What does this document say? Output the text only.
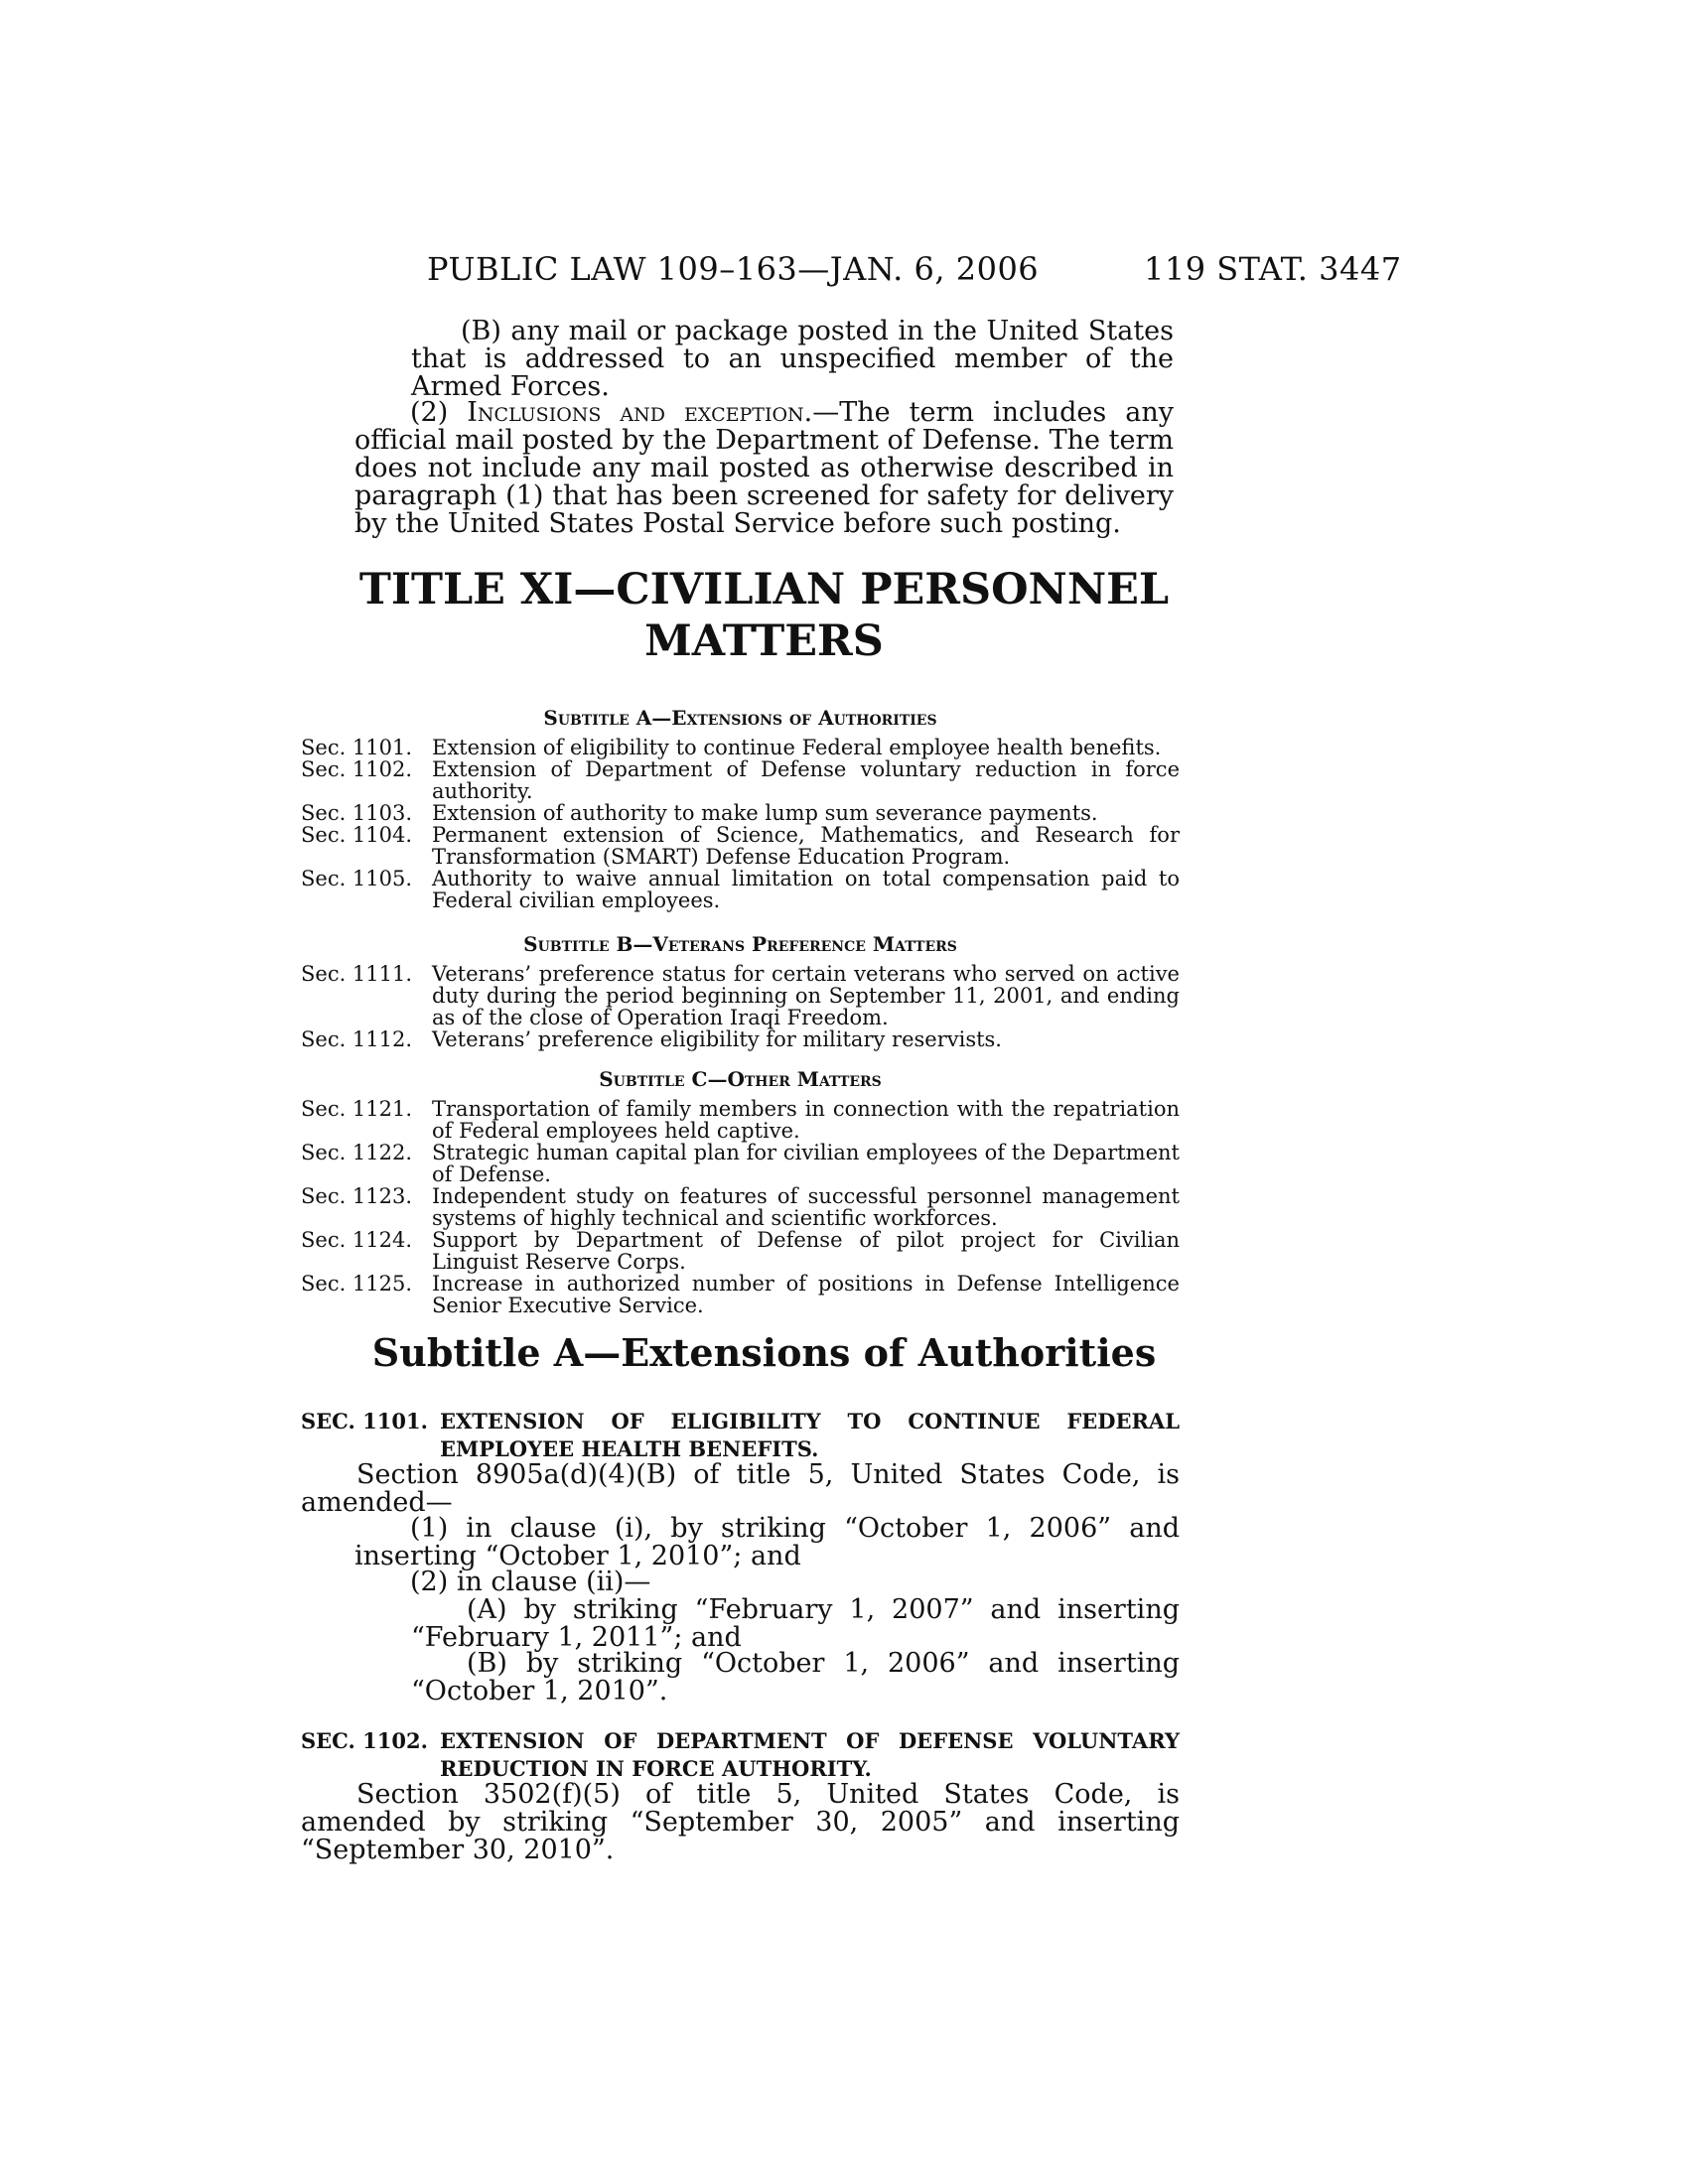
PUBLIC LAW 109–163—JAN. 6, 2006	119 STAT. 3447
(B) any mail or package posted in the United States that is addressed to an unspecified member of the Armed Forces.
(2) Inclusions and exception.—The term includes any official mail posted by the Department of Defense. The term does not include any mail posted as otherwise described in paragraph (1) that has been screened for safety for delivery by the United States Postal Service before such posting.
TITLE XI—CIVILIAN PERSONNEL
MATTERS
Subtitle A—Extensions of Authorities
Sec. 1101. Extension of eligibility to continue Federal employee health benefits.
Sec. 1102. Extension of Department of Defense voluntary reduction in force authority.
Sec. 1103. Extension of authority to make lump sum severance payments.
Sec. 1104. Permanent extension of Science, Mathematics, and Research for Transformation (SMART) Defense Education Program.
Sec. 1105. Authority to waive annual limitation on total compensation paid to Federal civilian employees.
Subtitle B—Veterans Preference Matters
Sec. 1111. Veterans’ preference status for certain veterans who served on active duty during the period beginning on September 11, 2001, and ending as of the close of Operation Iraqi Freedom.
Sec. 1112. Veterans’ preference eligibility for military reservists.
Subtitle C—Other Matters
Sec. 1121. Transportation of family members in connection with the repatriation of Federal employees held captive.
Sec. 1122. Strategic human capital plan for civilian employees of the Department of Defense.
Sec. 1123. Independent study on features of successful personnel management systems of highly technical and scientific workforces.
Sec. 1124. Support by Department of Defense of pilot project for Civilian Linguist Reserve Corps.
Sec. 1125. Increase in authorized number of positions in Defense Intelligence Senior Executive Service.
Subtitle A—Extensions of Authorities
SEC. 1101. EXTENSION OF ELIGIBILITY TO CONTINUE FEDERAL EMPLOYEE HEALTH BENEFITS.
Section 8905a(d)(4)(B) of title 5, United States Code, is amended—
(1) in clause (i), by striking “October 1, 2006” and inserting “October 1, 2010”; and
(2) in clause (ii)—
(A) by striking “February 1, 2007” and inserting “February 1, 2011”; and
(B) by striking “October 1, 2006” and inserting “October 1, 2010”.
SEC. 1102. EXTENSION OF DEPARTMENT OF DEFENSE VOLUNTARY REDUCTION IN FORCE AUTHORITY.
Section 3502(f)(5) of title 5, United States Code, is amended by striking “September 30, 2005” and inserting “September 30, 2010”.
